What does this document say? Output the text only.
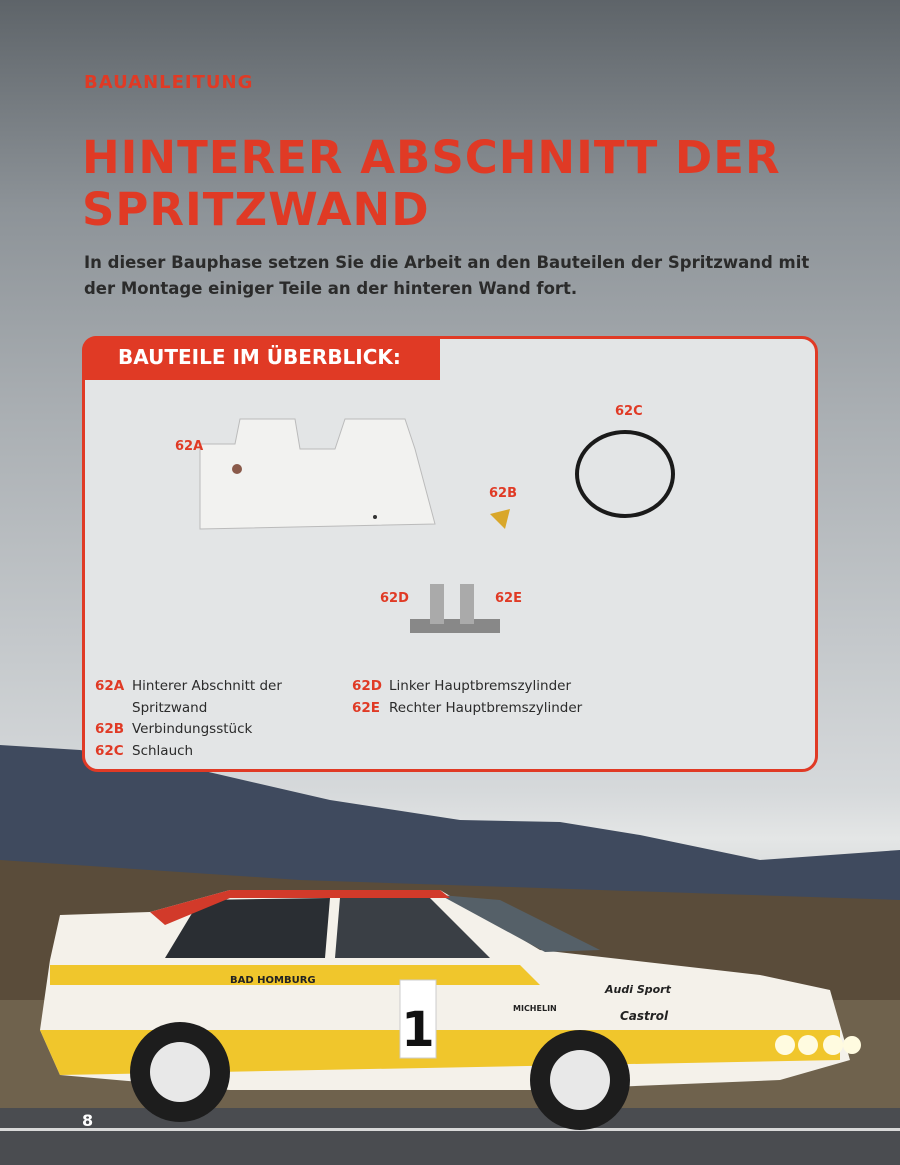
1
BAD HOMBURG
Audi Sport
Castrol
MICHELIN
BAUANLEITUNG
HINTERER ABSCHNITT DER
SPRITZWAND
In dieser Bauphase setzen Sie die Arbeit an den Bauteilen der Spritzwand mit der Montage einiger Teile an der hinteren Wand fort.
BAUTEILE IM ÜBERBLICK:
62A
62B
62C
62D	62E
62A Hinterer Abschnitt der
Spritzwand
62B Verbindungsstück
62C Schlauch
62D Linker Hauptbremszylinder
62E Rechter Hauptbremszylinder
8
